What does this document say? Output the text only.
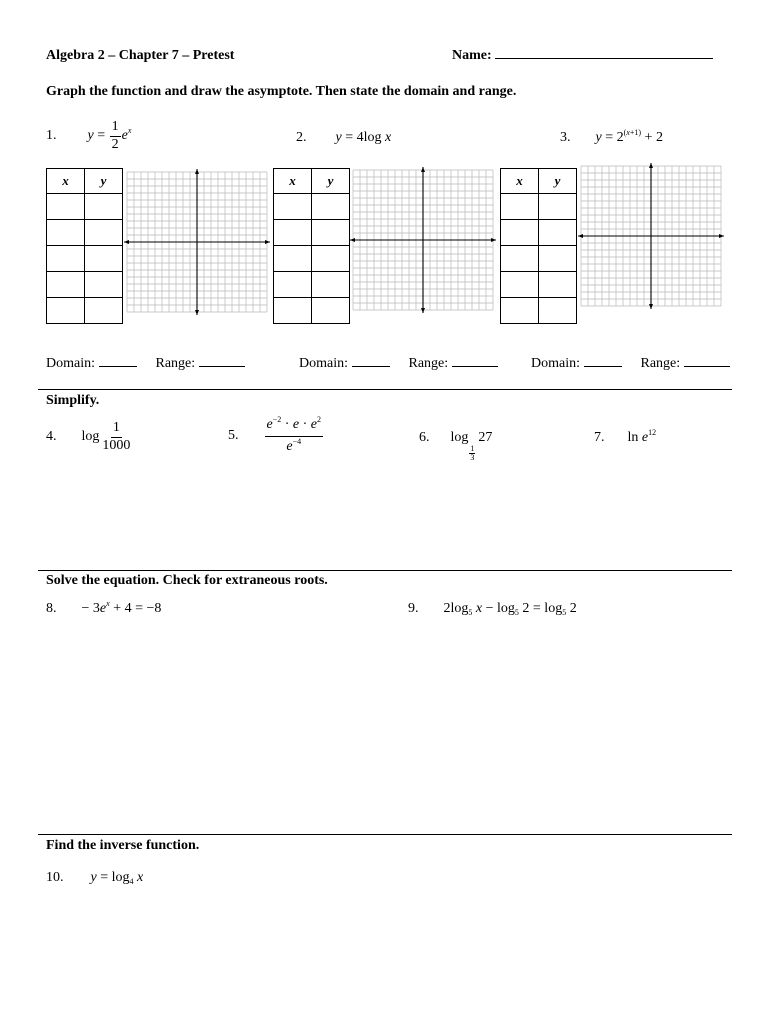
Algebra 2 – Chapter 7 – Pretest	Name:
Graph the function and draw the asymptote. Then state the domain and range.
1. $y = \frac{1}{2} e^x$	2. y = 4log x	3. $y = 2^{(x+1)} + 2$
x	y

		x	y

		x	y

Domain:	Range:	Domain:	Range:	Domain:	Range:
Simplify.
4. $\log \frac{1}{1000}$	5. $\frac{e^{-2} \cdot e \cdot e^2}{e^{-4}}$	6. log
$\frac{1}{3}$
27	7. $\ln e^{12}$
Solve the equation. Check for extraneous roots.
8. − $3e^x + 4 = -8$	9. $2\log_5$ $x - \log_5 2 = \log_5 2$
Find the inverse function.
10. $y = \log_4 x$
